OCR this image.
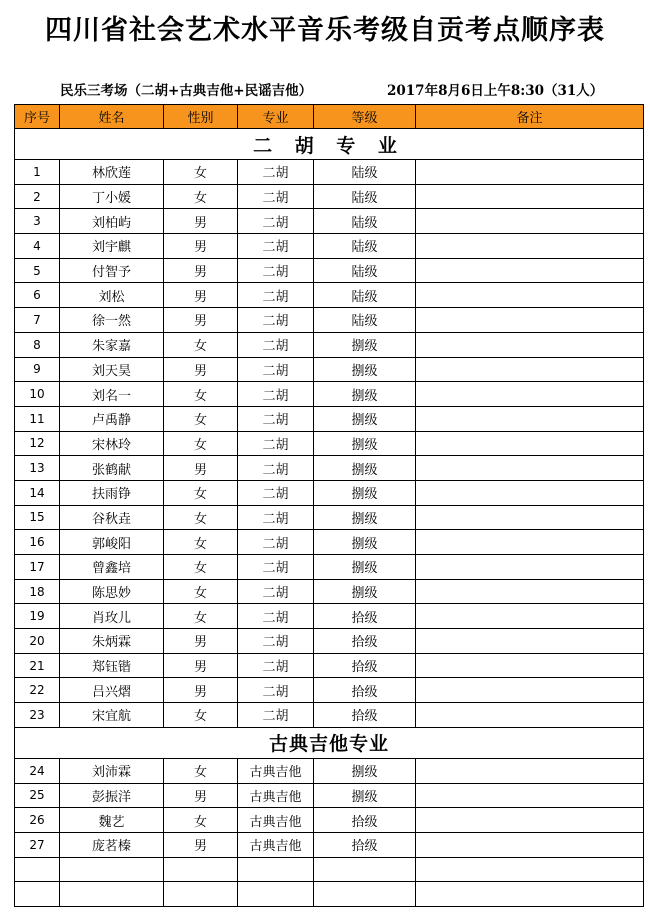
四川省社会艺术水平音乐考级自贡考点顺序表
民乐三考场（二胡+古典吉他+民谣吉他）	2017年8月6日上午8:30（31人）
序号	姓名	性别	专业	等级	备注
二 胡 专 业					
1	林欣莲	女	二胡	陆级	
2	丁小媛	女	二胡	陆级	
3	刘柏屿	男	二胡	陆级	
4	刘宇麒	男	二胡	陆级	
5	付智予	男	二胡	陆级	
6	刘松	男	二胡	陆级	
7	徐一然	男	二胡	陆级	
8	朱家嘉	女	二胡	捌级	
9	刘天昊	男	二胡	捌级	
10	刘名一	女	二胡	捌级	
11	卢禹静	女	二胡	捌级	
12	宋林玲	女	二胡	捌级	
13	张鹤献	男	二胡	捌级	
14	扶雨铮	女	二胡	捌级	
15	谷秋垚	女	二胡	捌级	
16	郭峻阳	女	二胡	捌级	
17	曾鑫培	女	二胡	捌级	
18	陈思妙	女	二胡	捌级	
19	肖玫儿	女	二胡	拾级	
20	朱炳霖	男	二胡	拾级	
21	郑钰锴	男	二胡	拾级	
22	吕兴熠	男	二胡	拾级	
23	宋宜航	女	二胡	拾级	
古典吉他专业					
24	刘沛霖	女	古典吉他	捌级	
25	彭振洋	男	古典吉他	捌级	
26	魏艺	女	古典吉他	拾级	
27	庞茗榛	男	古典吉他	拾级	
